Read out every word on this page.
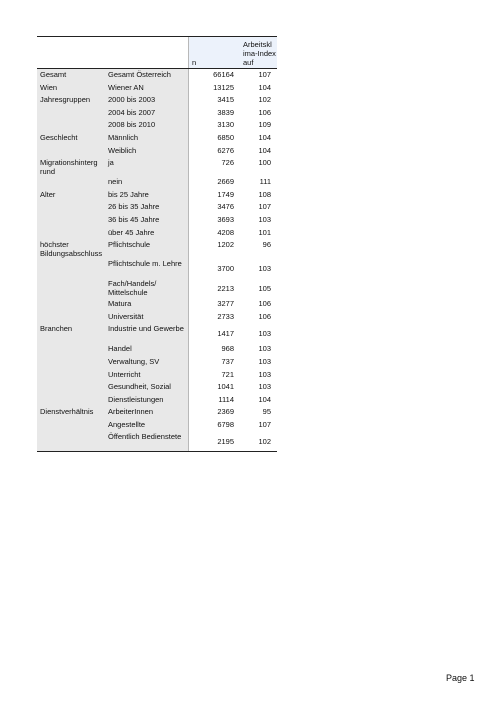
		n	Arbeitskl ima-Index auf
Gesamt	Gesamt Österreich	66164	107
Wien	Wiener AN	13125	104
Jahresgruppen	2000 bis 2003	3415	102
	2004 bis 2007	3839	106
	2008 bis 2010	3130	109
Geschlecht	Männlich	6850	104
	Weiblich	6276	104
Migrationshinterg rund	ja	726	100
	nein	2669	111
Alter	bis 25 Jahre	1749	108
	26 bis 35 Jahre	3476	107
	36 bis 45 Jahre	3693	103
	über 45 Jahre	4208	101
höchster Bildungsabschluss	Pflichtschule	1202	96
	Pflichtschule m. Lehre	3700	103
	Fach/Handels/ Mittelschule	2213	105
	Matura	3277	106
	Universität	2733	106
Branchen	Industrie und Gewerbe	1417	103
	Handel	968	103
	Verwaltung, SV	737	103
	Unterricht	721	103
	Gesundheit, Sozial	1041	103
	Dienstleistungen	1114	104
Dienstverhältnis	ArbeiterInnen	2369	95
	Angestellte	6798	107
	Öffentlich Bedienstete	2195	102
Page 1
